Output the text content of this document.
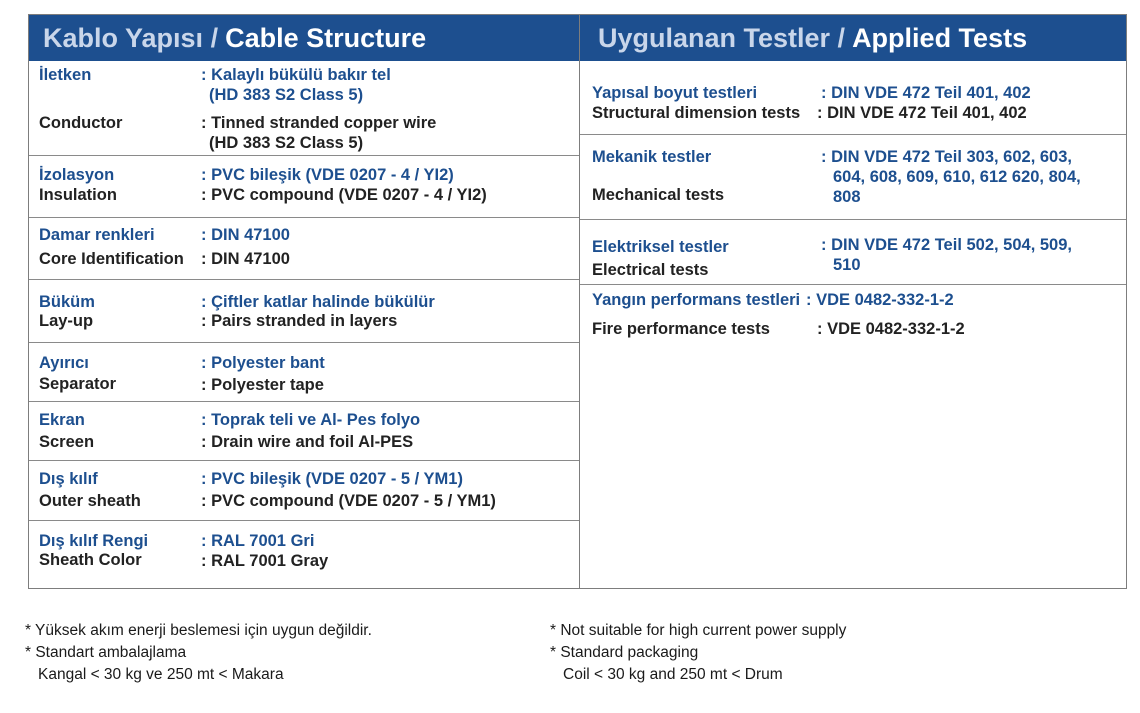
Kablo Yapısı / Cable Structure
İletken	: Kalaylı bükülü bakır tel
(HD 383 S2 Class 5)
Conductor	: Tinned stranded copper wire
(HD 383 S2 Class 5)
İzolasyon	: PVC bileşik (VDE 0207 - 4 / YI2)
Insulation	: PVC compound (VDE 0207 - 4 / YI2)
Damar renkleri	: DIN 47100
Core Identification : DIN 47100
Büküm	: Çiftler katlar halinde bükülür
Lay-up	: Pairs stranded in layers
Ayırıcı	: Polyester bant
Separator	: Polyester tape
Ekran	: Toprak teli ve Al- Pes folyo
Screen	: Drain wire and foil Al-PES
Dış kılıf	: PVC bileşik (VDE 0207 - 5 / YM1)
Outer sheath	: PVC compound (VDE 0207 - 5 / YM1)
Dış kılıf Rengi	: RAL 7001 Gri
Sheath Color	: RAL 7001 Gray
Uygulanan Testler / Applied Tests
Yapısal boyut testleri	: DIN VDE 472 Teil 401, 402
Structural dimension tests : DIN VDE 472 Teil 401, 402
Mekanik testler	: DIN VDE 472 Teil 303, 602, 603,
604, 608, 609, 610, 612 620, 804,
808
Mechanical tests
Elektriksel testler	: DIN VDE 472 Teil 502, 504, 509,
510
Electrical tests
Yangın performans testleri : VDE 0482-332-1-2
Fire performance tests	: VDE 0482-332-1-2
* Yüksek akım enerji beslemesi için uygun değildir.
* Standart ambalajlama
Kangal < 30 kg ve 250 mt < Makara
* Not suitable for high current power supply
* Standard packaging
Coil < 30 kg and 250 mt < Drum
